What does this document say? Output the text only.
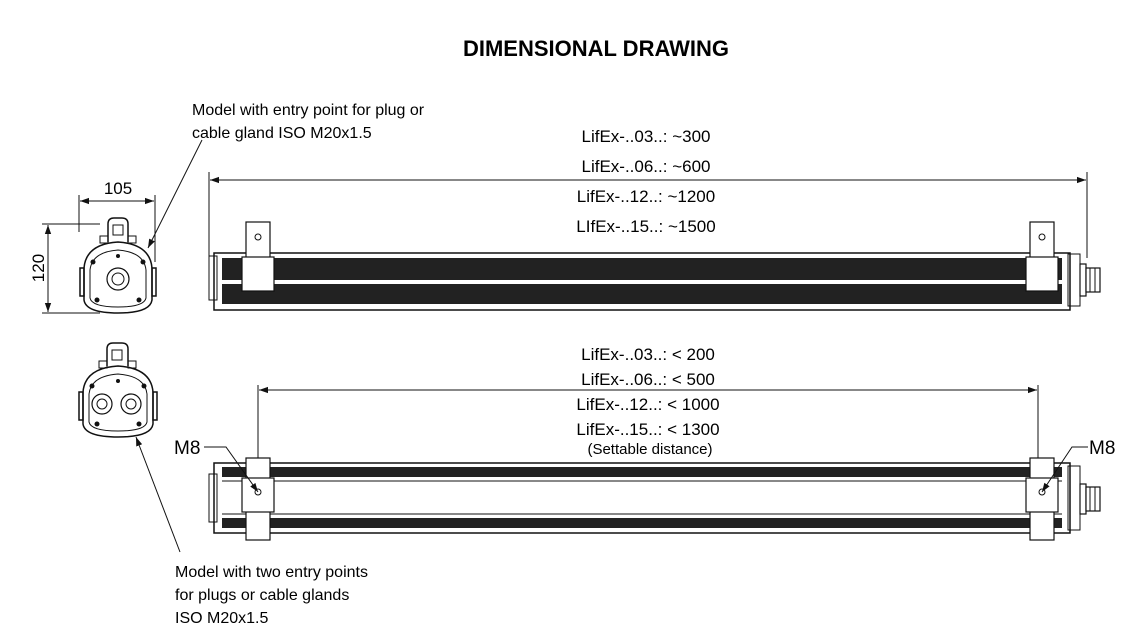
DIMENSIONAL DRAWING
Model with entry point for plug or
cable gland ISO M20x1.5
105
120
Model with two entry points
for plugs or cable glands
ISO M20x1.5
LifEx-..03..: ~300
LifEx-..06..: ~600
LifEx-..12..: ~1200
LIfEx-..15..: ~1500
LifEx-..03..: < 200
LifEx-..06..: < 500
LifEx-..12..: < 1000
LifEx-..15..: < 1300
(Settable distance)
M8	M8
